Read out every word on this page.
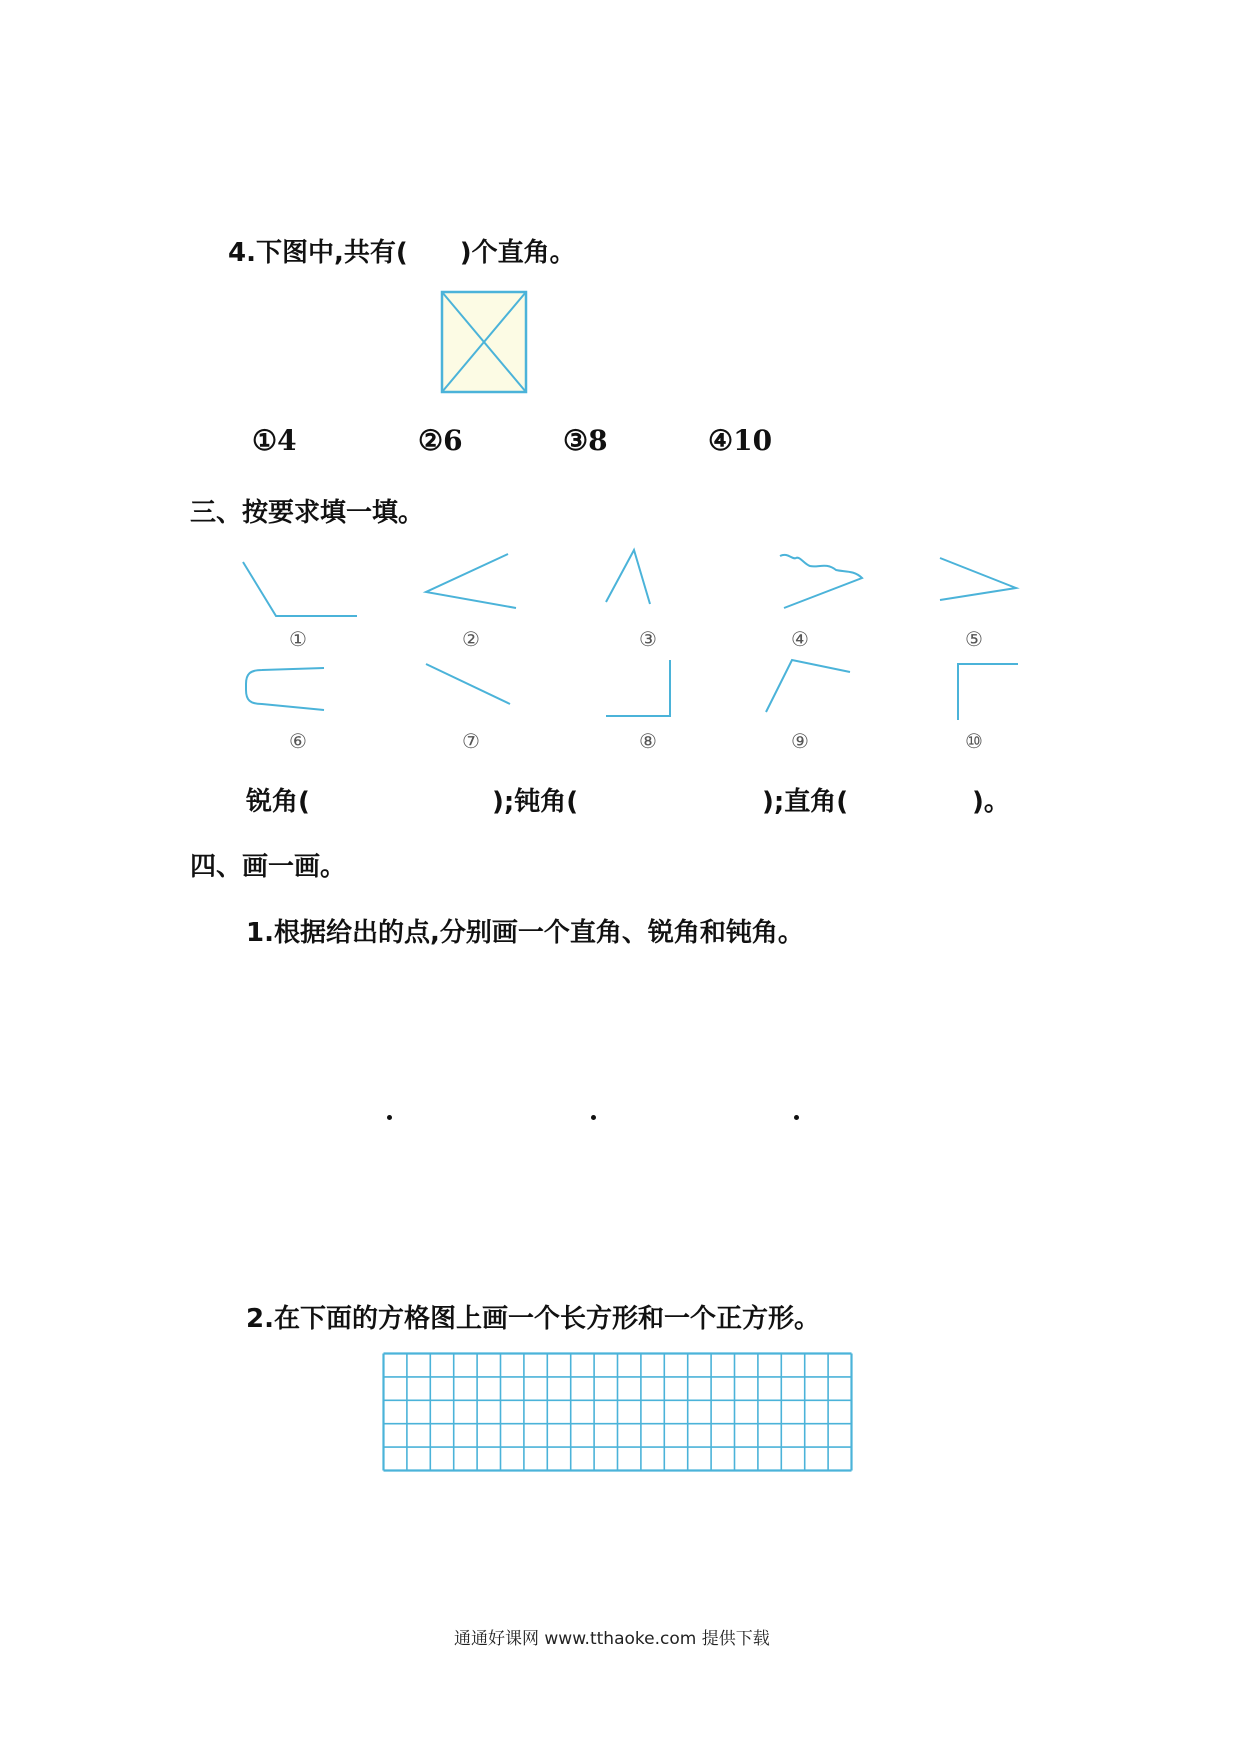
4.下图中,共有(　　)个直角。
①4	②6	③8	④10
三、按要求填一填。
①	②	③	④	⑤
⑥	⑦	⑧	⑨	⑩
锐角(	);钝角(	);直角(	)。
四、画一画。
1.根据给出的点,分别画一个直角、锐角和钝角。
2.在下面的方格图上画一个长方形和一个正方形。
通通好课网 www.tthaoke.com 提供下载
